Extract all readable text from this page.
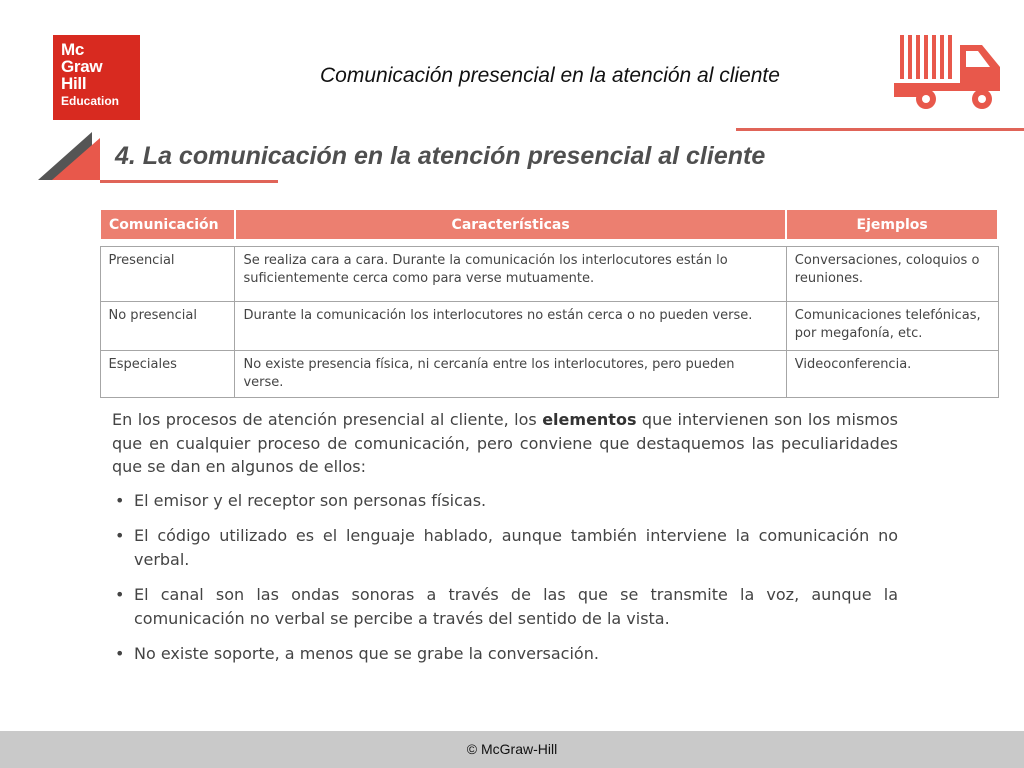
Mc
Graw
Hill
Education
Comunicación presencial en la atención al cliente
4. La comunicación en la atención presencial al cliente
Comunicación	Características	Ejemplos

Presencial	Se realiza cara a cara. Durante la comunicación los interlocutores están lo suficientemente cerca como para verse mutuamente.	Conversaciones, coloquios o reuniones.
No presencial	Durante la comunicación los interlocutores no están cerca o no pueden verse.	Comunicaciones telefónicas, por megafonía, etc.
Especiales	No existe presencia física, ni cercanía entre los interlocutores, pero pueden verse.	Videoconferencia.

En los procesos de atención presencial al cliente, los elementos que intervienen son los mismos que en cualquier proceso de comunicación, pero conviene que destaquemos las peculiaridades que se dan en algunos de ellos:

• El emisor y el receptor son personas físicas.
• El código utilizado es el lenguaje hablado, aunque también interviene la comunicación no verbal.
• El canal son las ondas sonoras a través de las que se transmite la voz, aunque la comunicación no verbal se percibe a través del sentido de la vista.
• No existe soporte, a menos que se grabe la conversación.
© McGraw-Hill
